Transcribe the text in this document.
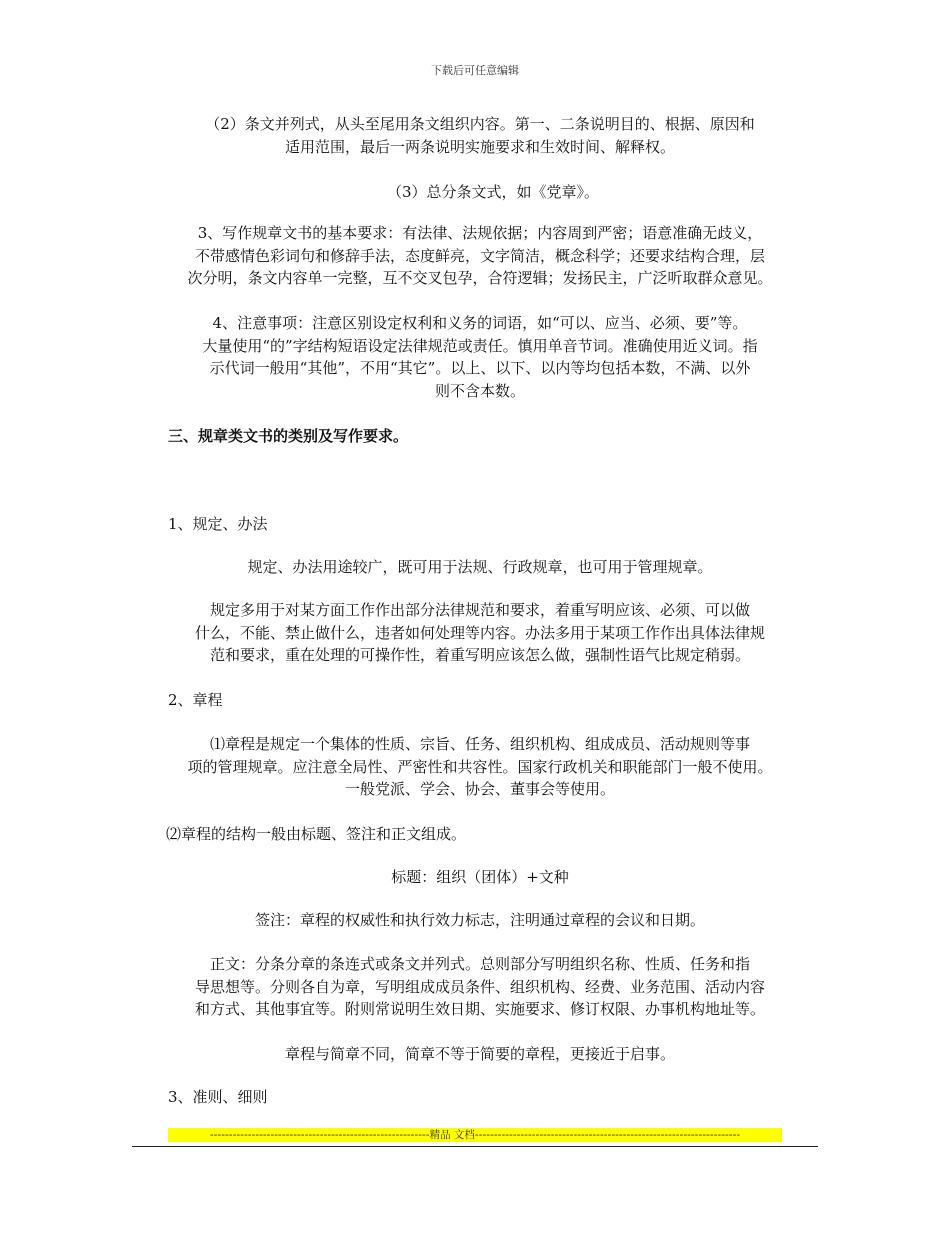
下载后可任意编辑
（2）条文并列式，从头至尾用条文组织内容。第一、二条说明目的、根据、原因和
适用范围，最后一两条说明实施要求和生效时间、解释权。
（3）总分条文式，如《党章》。
3、写作规章文书的基本要求：有法律、法规依据；内容周到严密；语意准确无歧义，
不带感情色彩词句和修辞手法，态度鲜亮，文字简洁，概念科学；还要求结构合理，层
次分明，条文内容单一完整，互不交叉包孕，合符逻辑；发扬民主，广泛听取群众意见。
4、注意事项：注意区别设定权利和义务的词语，如“可以、应当、必须、要”等。
大量使用“的”字结构短语设定法律规范或责任。慎用单音节词。准确使用近义词。指
示代词一般用“其他”，不用“其它”。以上、以下、以内等均包括本数，不满、以外
则不含本数。
三、规章类文书的类别及写作要求。
1、规定、办法
规定、办法用途较广，既可用于法规、行政规章，也可用于管理规章。
规定多用于对某方面工作作出部分法律规范和要求，着重写明应该、必须、可以做
什么，不能、禁止做什么，违者如何处理等内容。办法多用于某项工作作出具体法律规
范和要求，重在处理的可操作性，着重写明应该怎么做，强制性语气比规定稍弱。
2、章程
⑴章程是规定一个集体的性质、宗旨、任务、组织机构、组成成员、活动规则等事
项的管理规章。应注意全局性、严密性和共容性。国家行政机关和职能部门一般不使用。
一般党派、学会、协会、董事会等使用。
⑵章程的结构一般由标题、签注和正文组成。
标题：组织（团体）+文种
签注：章程的权威性和执行效力标志，注明通过章程的会议和日期。
正文：分条分章的条连式或条文并列式。总则部分写明组织名称、性质、任务和指
导思想等。分则各自为章，写明组成成员条件、组织机构、经费、业务范围、活动内容
和方式、其他事宜等。附则常说明生效日期、实施要求、修订权限、办事机构地址等。
章程与简章不同，简章不等于简要的章程，更接近于启事。
3、准则、细则
----------------------------------------------------------精品 文档----------------------------------------------------------------------
